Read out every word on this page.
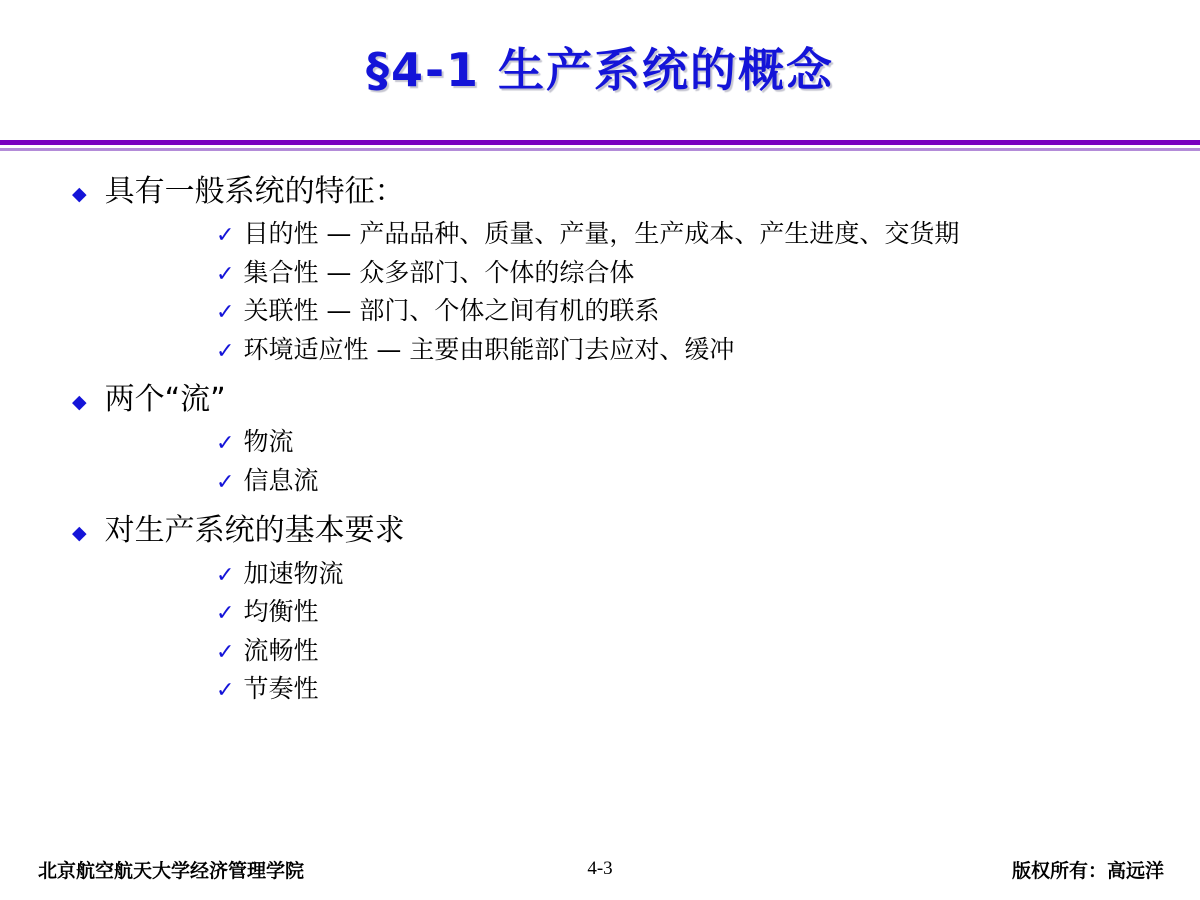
§4-1 生产系统的概念
◆ 具有一般系统的特征：
✓ 目的性 — 产品品种、质量、产量，生产成本、产生进度、交货期
✓ 集合性 — 众多部门、个体的综合体
✓ 关联性 — 部门、个体之间有机的联系
✓ 环境适应性 — 主要由职能部门去应对、缓冲
◆ 两个“流”
✓ 物流
✓ 信息流
◆ 对生产系统的基本要求
✓ 加速物流
✓ 均衡性
✓ 流畅性
✓ 节奏性
北京航空航天大学经济管理学院	4-3	版权所有：高远洋
